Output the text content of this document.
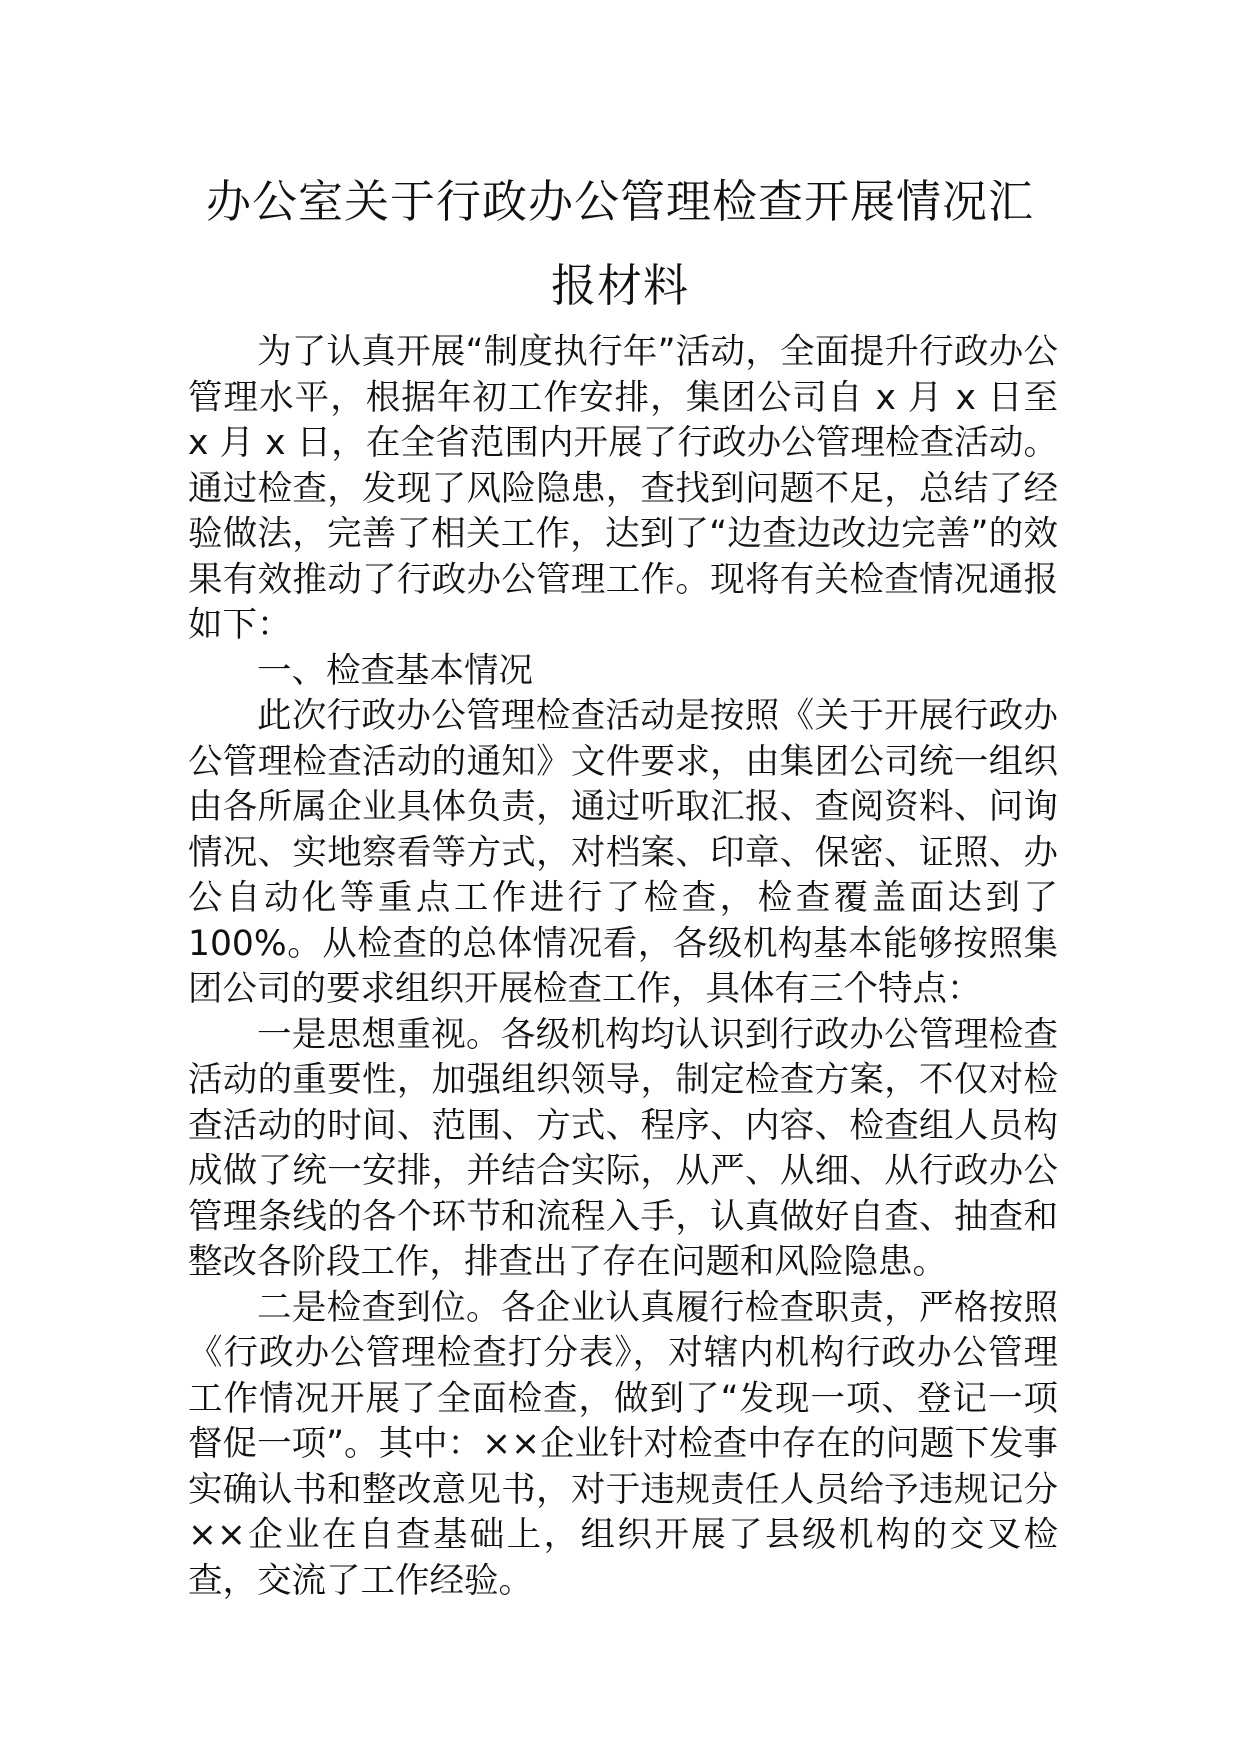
办公室关于行政办公管理检查开展情况汇
报材料

为了认真开展“制度执行年”活动，全面提升行政办公管理水平，根据年初工作安排，集团公司自 x 月 x 日至 x 月 x 日，在全省范围内开展了行政办公管理检查活动。通过检查，发现了风险隐患，查找到问题不足，总结了经验做法，完善了相关工作，达到了“边查边改边完善”的效果有效推动了行政办公管理工作。现将有关检查情况通报如下：

一、检查基本情况

此次行政办公管理检查活动是按照《关于开展行政办公管理检查活动的通知》文件要求，由集团公司统一组织由各所属企业具体负责，通过听取汇报、查阅资料、问询情况、实地察看等方式，对档案、印章、保密、证照、办公自动化等重点工作进行了检查，检查覆盖面达到了100%。从检查的总体情况看，各级机构基本能够按照集团公司的要求组织开展检查工作，具体有三个特点：

一是思想重视。各级机构均认识到行政办公管理检查活动的重要性，加强组织领导，制定检查方案，不仅对检查活动的时间、范围、方式、程序、内容、检查组人员构成做了统一安排，并结合实际，从严、从细、从行政办公管理条线的各个环节和流程入手，认真做好自查、抽查和整改各阶段工作，排查出了存在问题和风险隐患。

二是检查到位。各企业认真履行检查职责，严格按照《行政办公管理检查打分表》，对辖内机构行政办公管理工作情况开展了全面检查，做到了“发现一项、登记一项督促一项”。其中：××企业针对检查中存在的问题下发事实确认书和整改意见书，对于违规责任人员给予违规记分××企业在自查基础上，组织开展了县级机构的交叉检查，交流了工作经验。
